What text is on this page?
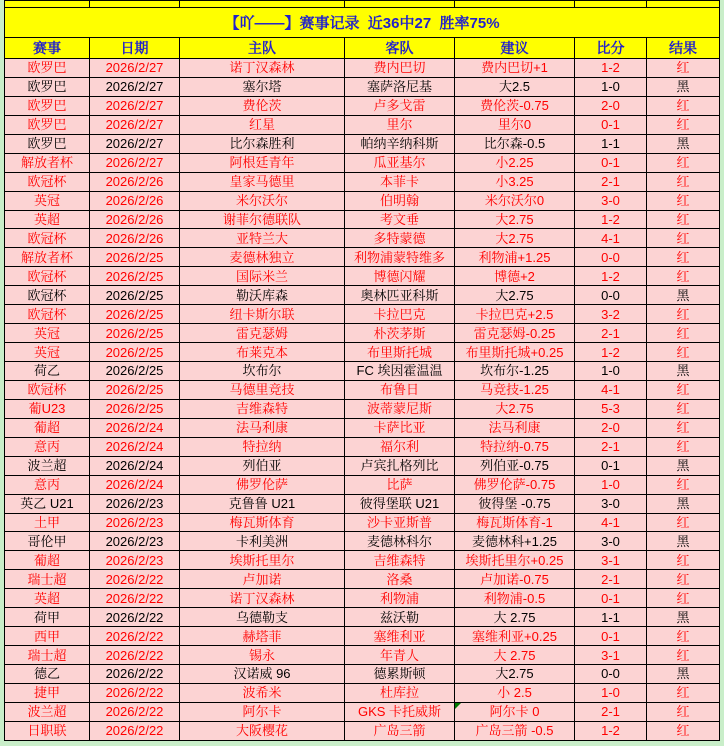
【吖——】赛事记录  近36中27  胜率75%						
赛事	日期	主队	客队	建议	比分	结果
欧罗巴	2026/2/27	诺丁汉森林	费内巴切	费内巴切+1	1-2	红
欧罗巴	2026/2/27	塞尔塔	塞萨洛尼基	大2.5	1-0	黑
欧罗巴	2026/2/27	费伦茨	卢多戈雷	费伦茨-0.75	2-0	红
欧罗巴	2026/2/27	红星	里尔	里尔0	0-1	红
欧罗巴	2026/2/27	比尔森胜利	帕纳辛纳科斯	比尔森-0.5	1-1	黑
解放者杯	2026/2/27	阿根廷青年	瓜亚基尔	小2.25	0-1	红
欧冠杯	2026/2/26	皇家马德里	本菲卡	小3.25	2-1	红
英冠	2026/2/26	米尔沃尔	伯明翰	米尔沃尔0	3-0	红
英超	2026/2/26	谢菲尔德联队	考文垂	大2.75	1-2	红
欧冠杯	2026/2/26	亚特兰大	多特蒙德	大2.75	4-1	红
解放者杯	2026/2/25	麦德林独立	利物浦蒙特维多	利物浦+1.25	0-0	红
欧冠杯	2026/2/25	国际米兰	博德闪耀	博德+2	1-2	红
欧冠杯	2026/2/25	勒沃库森	奥林匹亚科斯	大2.75	0-0	黑
欧冠杯	2026/2/25	纽卡斯尔联	卡拉巴克	卡拉巴克+2.5	3-2	红
英冠	2026/2/25	雷克瑟姆	朴茨茅斯	雷克瑟姆-0.25	2-1	红
英冠	2026/2/25	布莱克本	布里斯托城	布里斯托城+0.25	1-2	红
荷乙	2026/2/25	坎布尔	FC 埃因霍温温	坎布尔-1.25	1-0	黑
欧冠杯	2026/2/25	马德里竞技	布鲁日	马竞技-1.25	4-1	红
葡U23	2026/2/25	吉维森特	波蒂蒙尼斯	大2.75	5-3	红
葡超	2026/2/24	法马利康	卡萨比亚	法马利康	2-0	红
意丙	2026/2/24	特拉纳	福尔利	特拉纳-0.75	2-1	红
波兰超	2026/2/24	列伯亚	卢宾扎格列比	列伯亚-0.75	0-1	黑
意丙	2026/2/24	佛罗伦萨	比萨	佛罗伦萨-0.75	1-0	红
英乙 U21	2026/2/23	克鲁鲁 U21	彼得堡联 U21	彼得堡 -0.75	3-0	黑
土甲	2026/2/23	梅瓦斯体育	沙卡亚斯普	梅瓦斯体育-1	4-1	红
哥伦甲	2026/2/23	卡利美洲	麦德林科尔	麦德林科+1.25	3-0	黑
葡超	2026/2/23	埃斯托里尔	吉维森特	埃斯托里尔+0.25	3-1	红
瑞士超	2026/2/22	卢加诺	洛桑	卢加诺-0.75	2-1	红
英超	2026/2/22	诺丁汉森林	利物浦	利物浦-0.5	0-1	红
荷甲	2026/2/22	乌德勒支	兹沃勒	大 2.75	1-1	黑
西甲	2026/2/22	赫塔菲	塞维利亚	塞维利亚+0.25	0-1	红
瑞士超	2026/2/22	锡永	年青人	大 2.75	3-1	红
德乙	2026/2/22	汉诺威 96	德累斯顿	大2.75	0-0	黑
捷甲	2026/2/22	波希米	杜库拉	小 2.5	1-0	红
波兰超	2026/2/22	阿尔卡	GKS 卡托威斯	阿尔卡 0	2-1	红
日职联	2026/2/22	大阪樱花	广岛三箭	广岛三箭 -0.5	1-2	红
